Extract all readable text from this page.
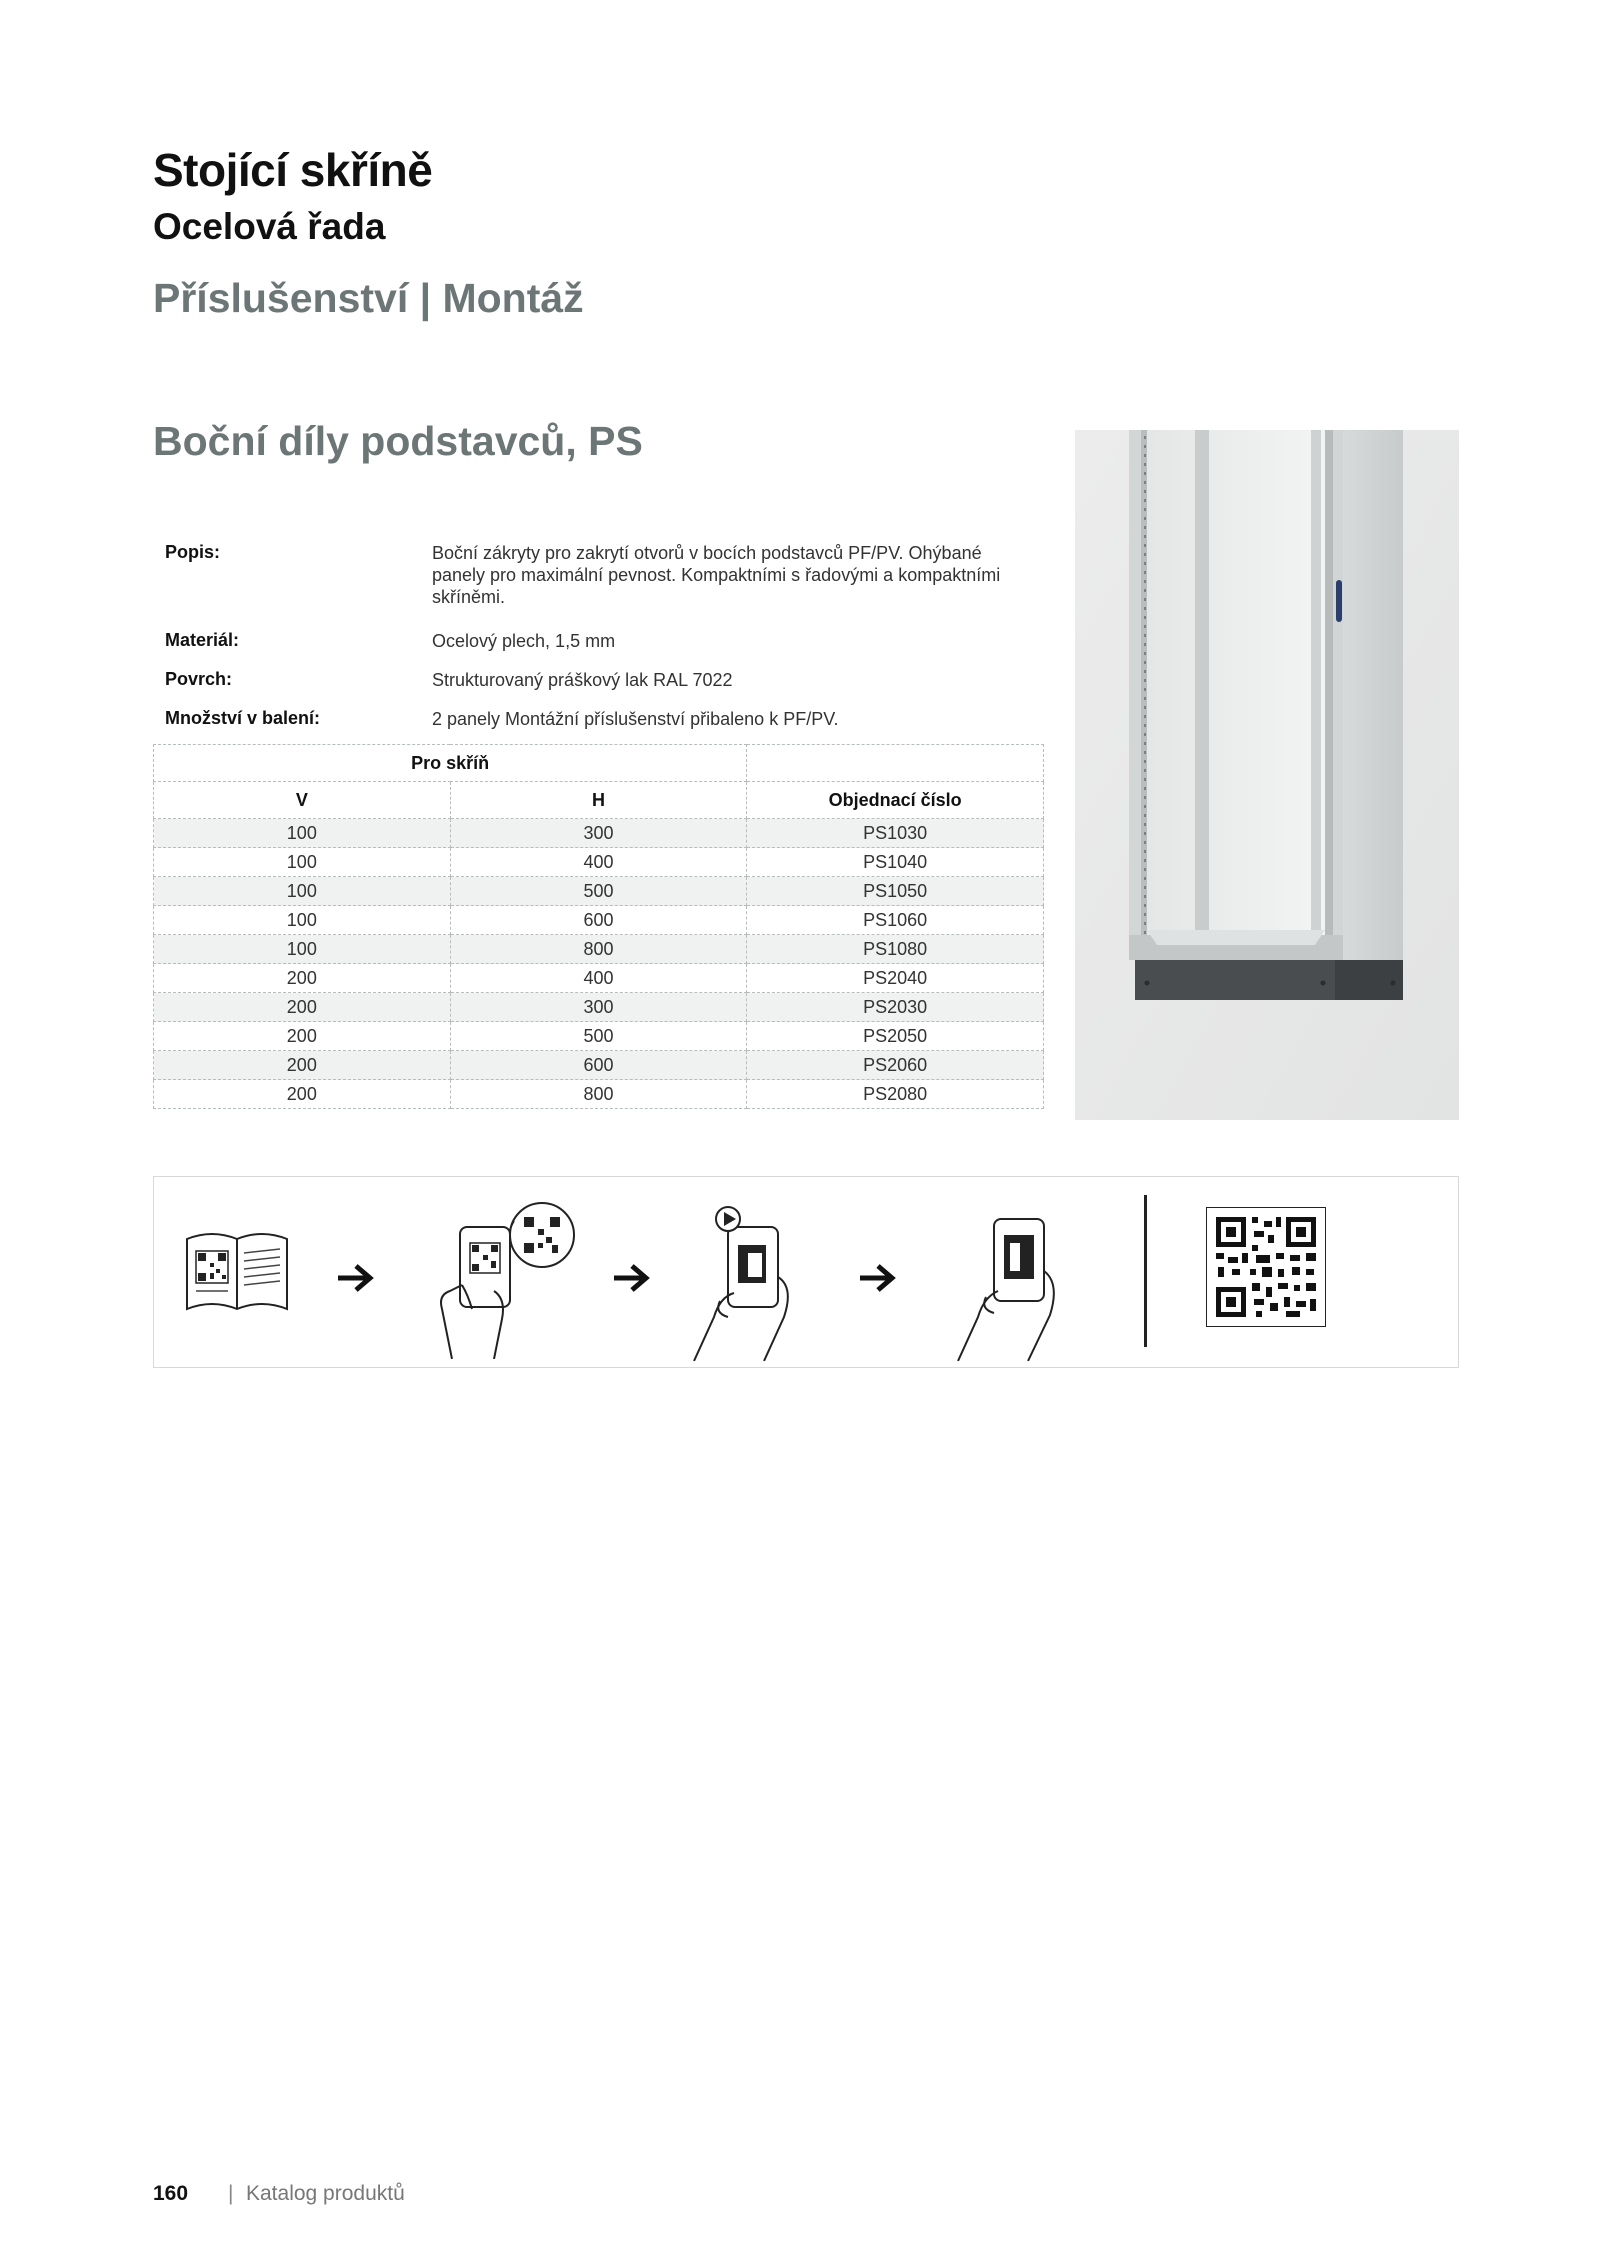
Stojící skříně
Ocelová řada
Příslušenství | Montáž
Boční díly podstavců, PS
Popis:	Boční zákryty pro zakrytí otvorů v bocích podstavců PF/PV. Ohýbané panely pro maximální pevnost. Kompaktními s řadovými a kompaktními skříněmi.
Materiál:	Ocelový plech, 1,5 mm
Povrch:	Strukturovaný práškový lak RAL 7022
Množství v balení:	2 panely Montážní příslušenství přibaleno k PF/PV.
Pro skříň		
V	H	Objednací číslo
100	300	PS1030
100	400	PS1040
100	500	PS1050
100	600	PS1060
100	800	PS1080
200	400	PS2040
200	300	PS2030
200	500	PS2050
200	600	PS2060
200	800	PS2080
160 | Katalog produktů
